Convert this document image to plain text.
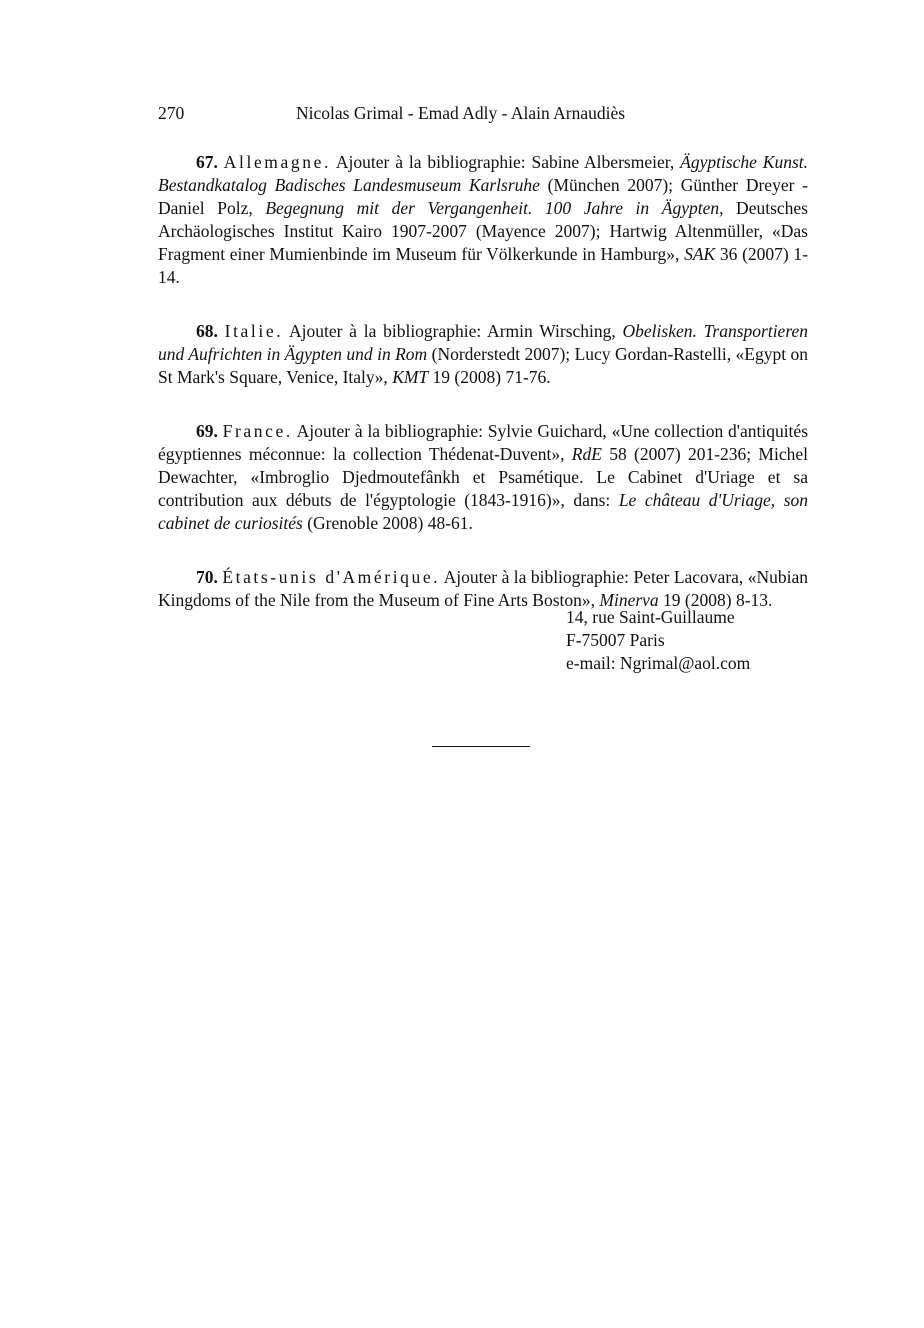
270	Nicolas Grimal - Emad Adly - Alain Arnaudiès

67. Allemagne. Ajouter à la bibliographie: Sabine Albersmeier, Ägyptische Kunst. Bestandkatalog Badisches Landesmuseum Karlsruhe (München 2007); Günther Dreyer - Daniel Polz, Begegnung mit der Vergangenheit. 100 Jahre in Ägypten, Deutsches Archäologisches Institut Kairo 1907-2007 (Mayence 2007); Hartwig Altenmüller, «Das Fragment einer Mumienbinde im Museum für Völkerkunde in Hamburg», SAK 36 (2007) 1-14.

68. Italie. Ajouter à la bibliographie: Armin Wirsching, Obelisken. Transportieren und Aufrichten in Ägypten und in Rom (Norderstedt 2007); Lucy Gordan-Rastelli, «Egypt on St Mark's Square, Venice, Italy», KMT 19 (2008) 71-76.

69. France. Ajouter à la bibliographie: Sylvie Guichard, «Une collection d'antiquités égyptiennes méconnue: la collection Thédenat-Duvent», RdE 58 (2007) 201-236; Michel Dewachter, «Imbroglio Djedmoutefânkh et Psamétique. Le Cabinet d'Uriage et sa contribution aux débuts de l'égyptologie (1843-1916)», dans: Le château d'Uriage, son cabinet de curiosités (Grenoble 2008) 48-61.

70. États-unis d'Amérique. Ajouter à la bibliographie: Peter Lacovara, «Nubian Kingdoms of the Nile from the Museum of Fine Arts Boston», Minerva 19 (2008) 8-13.

14, rue Saint-Guillaume
F-75007 Paris
e-mail: Ngrimal@aol.com
